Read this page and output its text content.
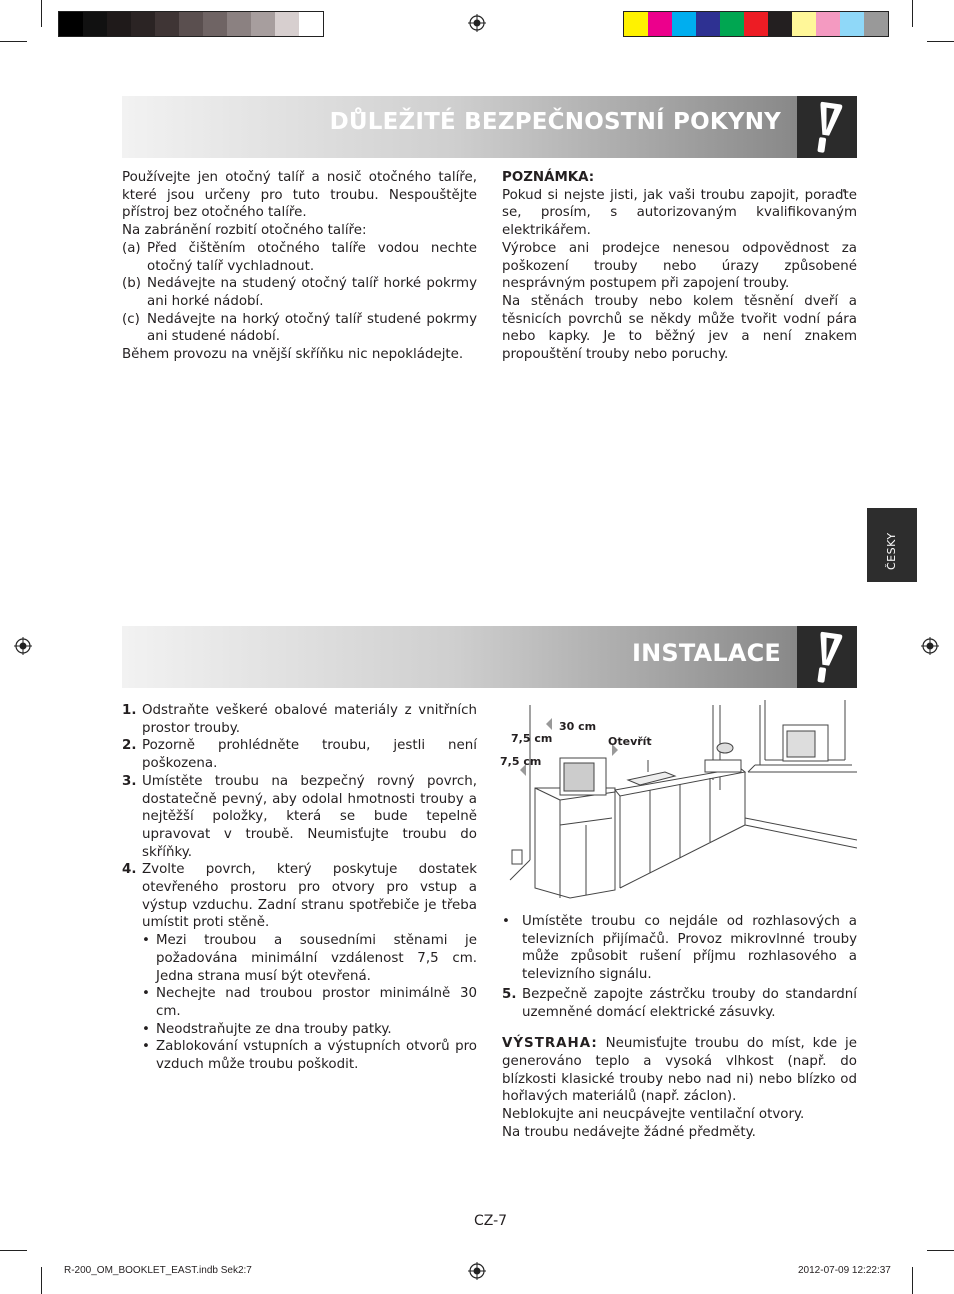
DŮLEŽITÉ BEZPEČNOSTNÍ POKYNY

Používejte jen otočný talíř a nosič otočného talíře, které jsou určeny pro tuto troubu. Nespouštějte přístroj bez otočného talíře.

Na zabránění rozbití otočného talíře:

(a) Před čištěním otočného talíře vodou nechte otočný talíř vychladnout.
(b) Nedávejte na studený otočný talíř horké pokrmy ani horké nádobí.
(c) Nedávejte na horký otočný talíř studené pokrmy ani studené nádobí.

Během provozu na vnější skříňku nic nepokládejte.

POZNÁMKA:

Pokud si nejste jisti, jak vaši troubu zapojit, poraďte se, prosím, s autorizovaným kvalifikovaným elektrikářem.

Výrobce ani prodejce nenesou odpovědnost za poškození trouby nebo úrazy způsobené nesprávným postupem při zapojení trouby.

Na stěnách trouby nebo kolem těsnění dveří a těsnicích povrchů se někdy může tvořit vodní pára nebo kapky. Je to běžný jev a není znakem propouštění trouby nebo poruchy.

ČESKY
INSTALACE
1. Odstraňte veškeré obalové materiály z vnitřních prostor trouby.
2. Pozorně prohlédněte troubu, jestli není poškozena.
3. Umístěte troubu na bezpečný rovný povrch, dostatečně pevný, aby odolal hmotnosti trouby a nejtěžší položky, která se bude tepelně upravovat v troubě. Neumisťujte troubu do skříňky.
4. Zvolte povrch, který poskytuje dostatek otevřeného prostoru pro otvory pro vstup a výstup vzduchu. Zadní stranu spotřebiče je třeba umístit proti stěně.
• Mezi troubou a sousedními stěnami je požadována minimální vzdálenost 7,5 cm. Jedna strana musí být otevřená.
• Nechejte nad troubou prostor minimálně 30 cm.
• Neodstraňujte ze dna trouby patky.
• Zablokování vstupních a výstupních otvorů pro vzduch může troubu poškodit.
30 cm
7,5 cm
7,5 cm
Otevřít
• Umístěte troubu co nejdále od rozhlasových a televizních přijímačů. Provoz mikrovlnné trouby může způsobit rušení příjmu rozhlasového a televizního signálu.
5. Bezpečně zapojte zástrčku trouby do standardní uzemněné domácí elektrické zásuvky.

VÝSTRAHA: Neumisťujte troubu do míst, kde je generováno teplo a vysoká vlhkost (např. do blízkosti klasické trouby nebo nad ni) nebo blízko od hořlavých materiálů (např. záclon).

Neblokujte ani neucpávejte ventilační otvory.

Na troubu nedávejte žádné předměty.

CZ-7
R-200_OM_BOOKLET_EAST.indb Sek2:7	2012-07-09 12:22:37
